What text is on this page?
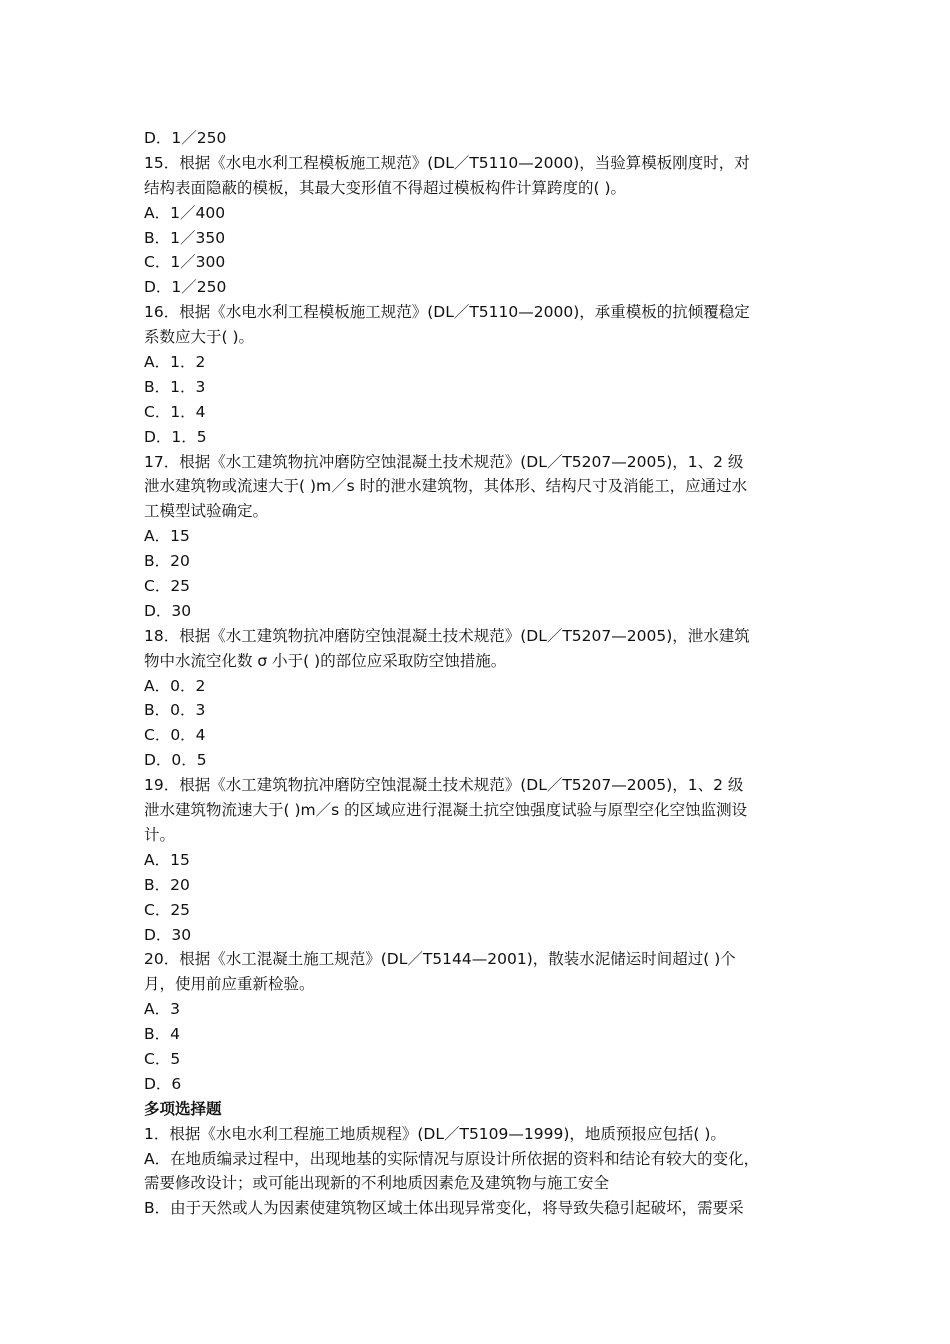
D．1／250
15．根据《水电水利工程模板施工规范》(DL／T5110—2000)，当验算模板刚度时，对
结构表面隐蔽的模板，其最大变形值不得超过模板构件计算跨度的( )。
A．1／400
B．1／350
C．1／300
D．1／250
16．根据《水电水利工程模板施工规范》(DL／T5110—2000)，承重模板的抗倾覆稳定
系数应大于( )。
A．1．2
B．1．3
C．1．4
D．1．5
17．根据《水工建筑物抗冲磨防空蚀混凝土技术规范》(DL／T5207—2005)，1、2 级
泄水建筑物或流速大于( )m／s 时的泄水建筑物，其体形、结构尺寸及消能工，应通过水
工模型试验确定。
A．15
B．20
C．25
D．30
18．根据《水工建筑物抗冲磨防空蚀混凝土技术规范》(DL／T5207—2005)，泄水建筑
物中水流空化数 σ 小于( )的部位应采取防空蚀措施。
A．0．2
B．0．3
C．0．4
D．0．5
19．根据《水工建筑物抗冲磨防空蚀混凝土技术规范》(DL／T5207—2005)，1、2 级
泄水建筑物流速大于( )m／s 的区域应进行混凝土抗空蚀强度试验与原型空化空蚀监测设
计。
A．15
B．20
C．25
D．30
20．根据《水工混凝土施工规范》(DL／T5144—2001)，散装水泥储运时间超过( )个
月，使用前应重新检验。
A．3
B．4
C．5
D．6
多项选择题
1．根据《水电水利工程施工地质规程》(DL／T5109—1999)，地质预报应包括( )。
A．在地质编录过程中，出现地基的实际情况与原设计所依据的资料和结论有较大的变化，
需要修改设计；或可能出现新的不利地质因素危及建筑物与施工安全
B．由于天然或人为因素使建筑物区域土体出现异常变化，将导致失稳引起破坏，需要采
